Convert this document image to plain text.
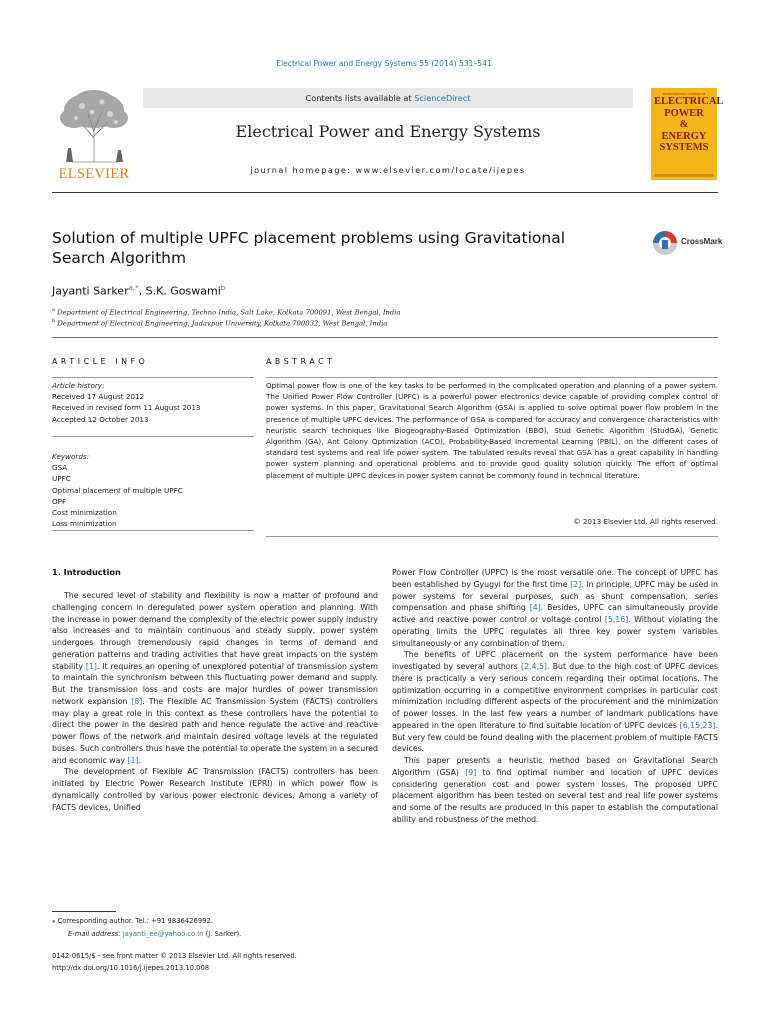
Electrical Power and Energy Systems 55 (2014) 531–541
ELSEVIER
Contents lists available at ScienceDirect
Electrical Power and Energy Systems
journal homepage: www.elsevier.com/locate/ijepes
INTERNATIONAL JOURNAL OF
ELECTRICAL
POWER
&
ENERGY
SYSTEMS
Solution of multiple UPFC placement problems using Gravitational Search Algorithm
CrossMark
Jayanti Sarker$^{a,*}$, S.K. Goswami$^b$
$^a$ Department of Electrical Engineering, Techno India, Salt Lake, Kolkata 700091, West Bengal, India
$^b$ Department of Electrical Engineering, Jadavpur University, Kolkata 700032, West Bengal, India
ARTICLE INFO	ABSTRACT
Article history:
Received 17 August 2012
Received in revised form 11 August 2013
Accepted 12 October 2013
Keywords:
GSA
UPFC
Optimal placement of multiple UPFC
OPF
Cost minimization
Loss minimization
Optimal power flow is one of the key tasks to be performed in the complicated operation and planning of a power system. The Unified Power Flow Controller (UPFC) is a powerful power electronics device capable of providing complex control of power systems. In this paper, Gravitational Search Algorithm (GSA) is applied to solve optimal power flow problem in the presence of multiple UPFC devices. The performance of GSA is compared for accuracy and convergence characteristics with heuristic search techniques like Biogeography-Based Optimization (BBO), Stud Genetic Algorithm (StudGA), Genetic Algorithm (GA), Ant Colony Optimization (ACO), Probability-Based Incremental Learning (PBIL), on the different cases of standard test systems and real life power system. The tabulated results reveal that GSA has a great capability in handling power system planning and operational problems and to provide good quality solution quickly. The effort of optimal placement of multiple UPFC devices in power system cannot be commonly found in technical literature.
© 2013 Elsevier Ltd. All rights reserved.
1. Introduction

The secured level of stability and flexibility is now a matter of profound and challenging concern in deregulated power system operation and planning. With the increase in power demand the complexity of the electric power supply industry also increases and to maintain continuous and steady supply, power system undergoes through tremendously rapid changes in terms of demand and generation patterns and trading activities that have great impacts on the system stability [1]. It requires an opening of unexplored potential of transmission system to maintain the synchronism between this fluctuating power demand and supply. But the transmission loss and costs are major hurdles of power transmission network expansion [8]. The Flexible AC Transmission System (FACTS) controllers may play a great role in this context as these controllers have the potential to direct the power in the desired path and hence regulate the active and reactive power flows of the network and maintain desired voltage levels at the regulated buses. Such controllers thus have the potential to operate the system in a secured and economic way [1].

The development of Flexible AC Transmission (FACTS) controllers has been initiated by Electric Power Research Institute (EPRI) in which power flow is dynamically controlled by various power electronic devices. Among a variety of FACTS devices, Unified

Power Flow Controller (UPFC) is the most versatile one. The concept of UPFC has been established by Gyugyi for the first time [2]. In principle, UPFC may be used in power systems for several purposes, such as shunt compensation, series compensation and phase shifting [4]. Besides, UPFC can simultaneously provide active and reactive power control or voltage control [5,16]. Without violating the operating limits the UPFC regulates all three key power system variables simultaneously or any combination of them.

The benefits of UPFC placement on the system performance have been investigated by several authors [2,4,5]. But due to the high cost of UPFC devices there is practically a very serious concern regarding their optimal locations. The optimization occurring in a competitive environment comprises in particular cost minimization including different aspects of the procurement and the minimization of power losses. In the last few years a number of landmark publications have appeared in the open literature to find suitable location of UPFC devices [6,15,23]. But very few could be found dealing with the placement problem of multiple FACTS devices.

This paper presents a heuristic method based on Gravitational Search Algorithm (GSA) [9] to find optimal number and location of UPFC devices considering generation cost and power system losses. The proposed UPFC placement algorithm has been tested on several test and real life power systems and some of the results are produced in this paper to establish the computational ability and robustness of the method.

⁎ Corresponding author. Tel.: +91 9836426992.
E-mail address: jayanti_ee@yahoo.co.in (J. Sarker).
0142-0615/$ - see front matter © 2013 Elsevier Ltd. All rights reserved.
http://dx.doi.org/10.1016/j.ijepes.2013.10.008
